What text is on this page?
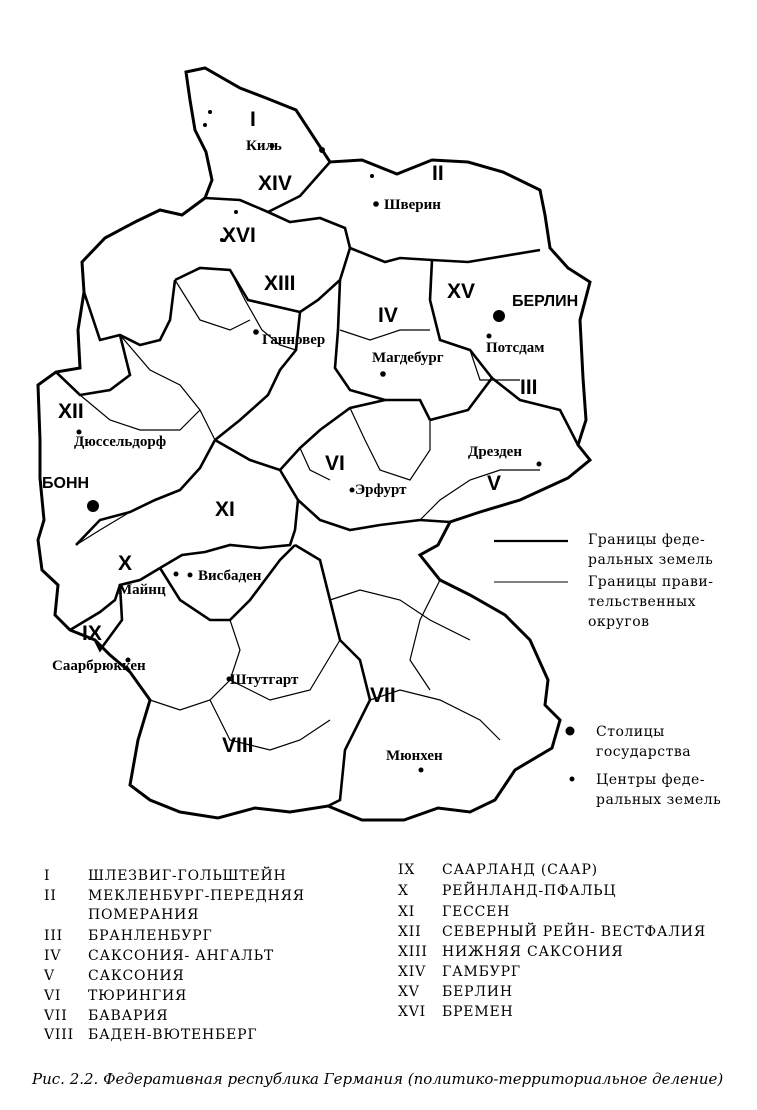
I
II
III
IV
V
VI
VII
VIII
IX
X
XI
XII
XIII
XIV
XV
XVI
Киль
Шверин
Ганновер
Магдебург
Потсдам
БЕРЛИН
Дюссельдорф
БОНН	Эрфурт
Дрезден
Майнц
Висбаден
Саарбрюккен
Штутгарт
Мюнхен
Границы феде-
ральных земель
Границы прави-
тельственных
округов
Столицы
государства
Центры феде-
ральных земель
I	ШЛЕЗВИГ-ГОЛЬШТЕЙН
II МЕКЛЕНБУРГ-ПЕРЕДНЯЯ
ПОМЕРАНИЯ
III БРАНЛЕНБУРГ
IV САКСОНИЯ- АНГАЛЬТ
V САКСОНИЯ
VI ТЮРИНГИЯ
VII БАВАРИЯ
VIII БАДЕН-ВЮТЕНБЕРГ
IX СААРЛАНД (СААР)
X РЕЙНЛАНД-ПФАЛЬЦ
XI ГЕССЕН
XII СЕВЕРНЫЙ РЕЙН- ВЕСТФАЛИЯ
XIII НИЖНЯЯ САКСОНИЯ
XIV ГАМБУРГ
XV БЕРЛИН
XVI БРЕМЕН
Рис. 2.2. Федеративная республика Германия (политико-территориальное деление)
